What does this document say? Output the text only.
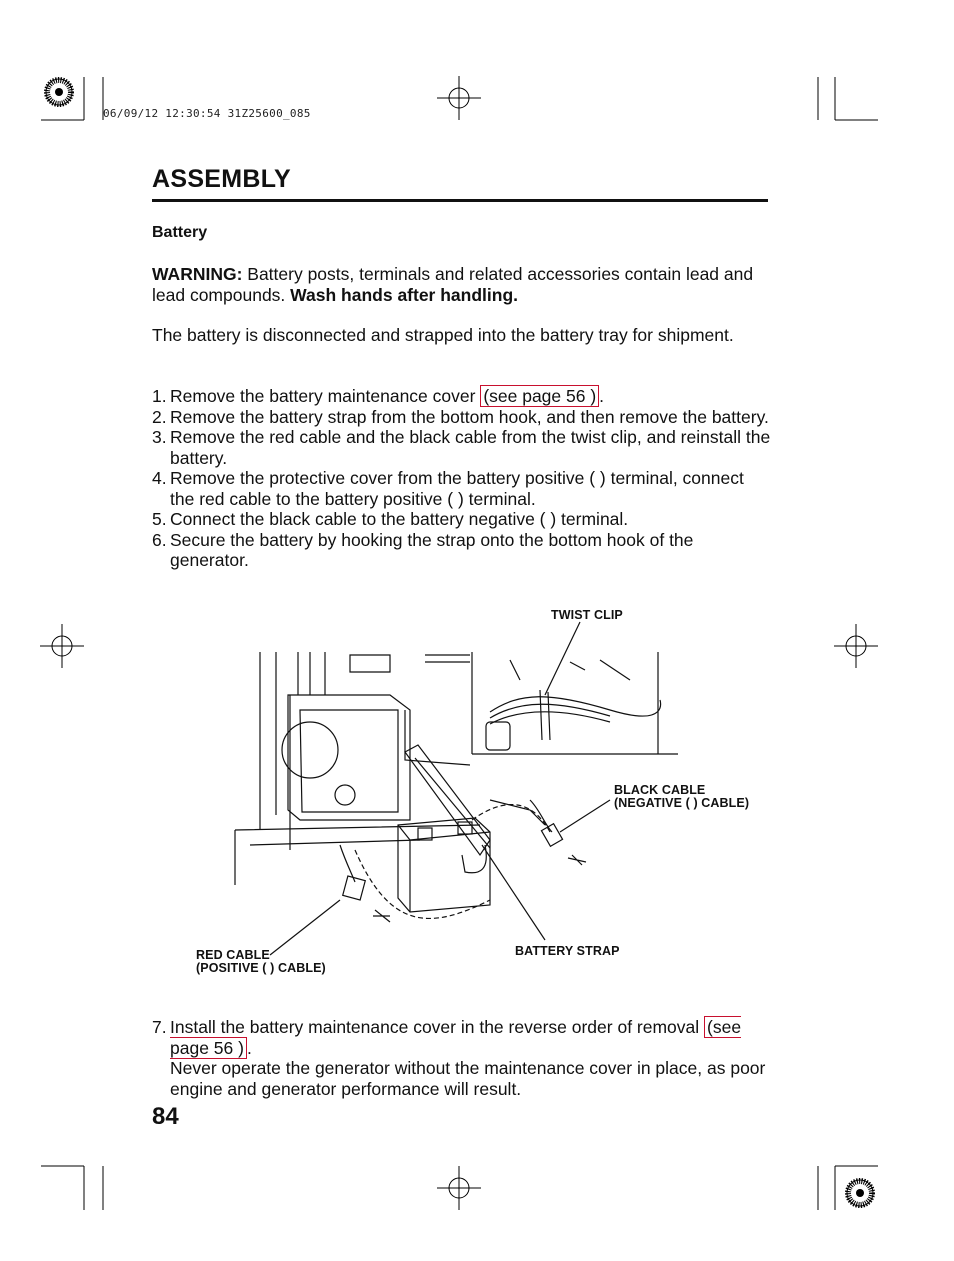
06/09/12 12:30:54 31Z25600_085
ASSEMBLY
Battery
WARNING: Battery posts, terminals and related accessories contain lead and lead compounds. Wash hands after handling.
The battery is disconnected and strapped into the battery tray for shipment.
1. Remove the battery maintenance cover (see page 56 ) .
2. Remove the battery strap from the bottom hook, and then remove the battery.
3. Remove the red cable and the black cable from the twist clip, and reinstall the battery.
4. Remove the protective cover from the battery positive ( ) terminal, connect the red cable to the battery positive ( ) terminal.
5. Connect the black cable to the battery negative ( ) terminal.
6. Secure the battery by hooking the strap onto the bottom hook of the generator.
TWIST CLIP
BLACK CABLE
(NEGATIVE ( ) CABLE)
RED CABLE
(POSITIVE ( ) CABLE)
BATTERY STRAP
7. Install the battery maintenance cover in the reverse order of removal (see page 56 ) .
Never operate the generator without the maintenance cover in place, as poor engine and generator performance will result.
84
